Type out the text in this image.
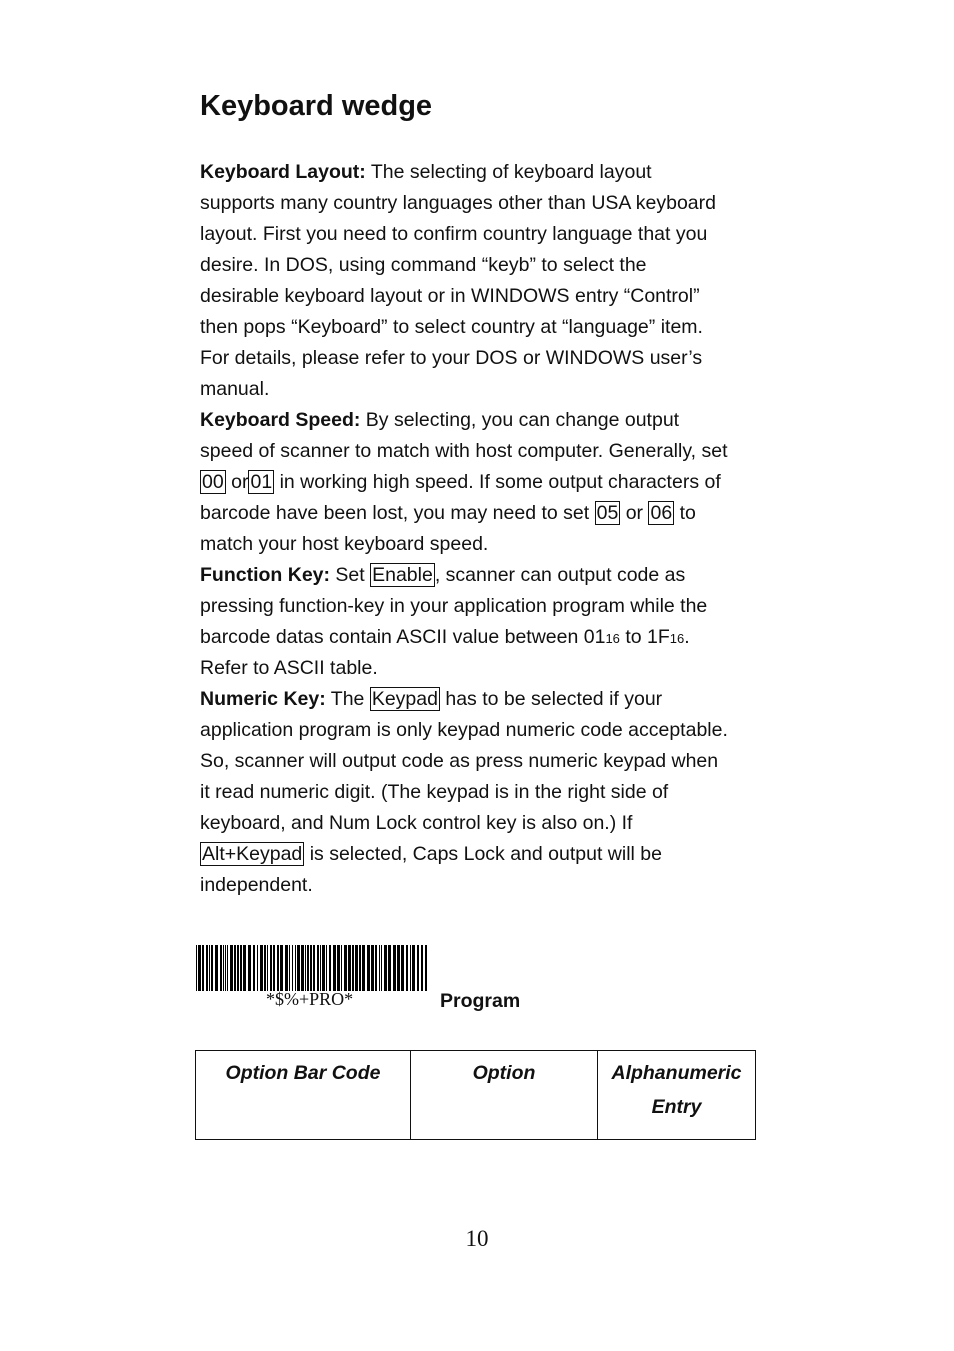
Keyboard wedge
Keyboard Layout: The selecting of keyboard layout
supports many country languages other than USA keyboard
layout. First you need to confirm country language that you
desire. In DOS, using command “keyb” to select the
desirable keyboard layout or in WINDOWS entry “Control”
then pops “Keyboard” to select country at “language” item.
For details, please refer to your DOS or WINDOWS user’s
manual.
Keyboard Speed: By selecting, you can change output
speed of scanner to match with host computer. Generally, set
00 or 01 in working high speed. If some output characters of
barcode have been lost, you may need to set 05 or 06 to
match your host keyboard speed.
Function Key: Set Enable , scanner can output code as
pressing function-key in your application program while the
barcode datas contain ASCII value between 0116 to 1F16.
Refer to ASCII table.
Numeric Key: The Keypad has to be selected if your
application program is only keypad numeric code acceptable.
So, scanner will output code as press numeric keypad when
it read numeric digit. (The keypad is in the right side of
keyboard, and Num Lock control key is also on.) If
Alt+Keypad is selected, Caps Lock and output will be
independent.
*$%+PRO*	Program
Option Bar Code	Option	Alphanumeric
Entry
10
